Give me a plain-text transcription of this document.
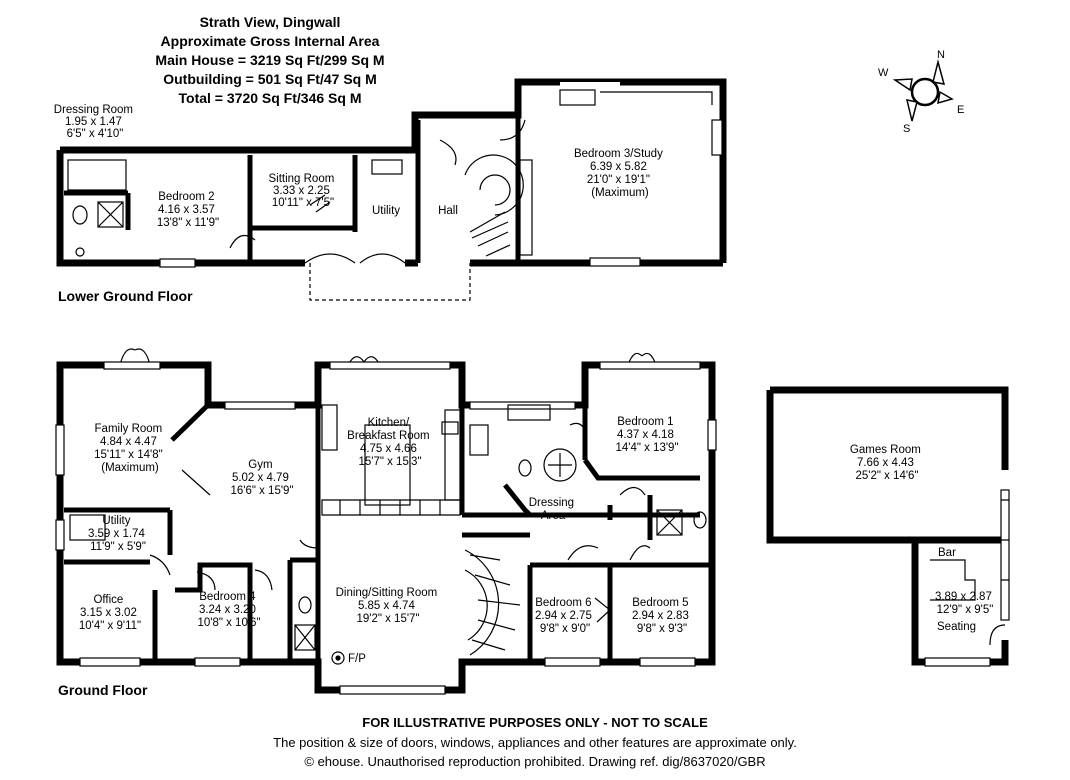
Strath View, Dingwall
Approximate Gross Internal Area
Main House = 3219 Sq Ft/299 Sq M
Outbuilding = 501 Sq Ft/47 Sq M
Total = 3720 Sq Ft/346 Sq M
N
E
S
W
Dressing Room 1.95 x 1.47 6'5" x 4'10"
Bedroom 2 4.16 x 3.57 13'8" x 11'9"
Sitting Room 3.33 x 2.25 10'11" x 7'5"
Utility	Hall
Bedroom 3/Study 6.39 x 5.82 21'0" x 19'1" (Maximum)
Family Room 4.84 x 4.47 15'11" x 14'8" (Maximum)	Gym 5.02 x 4.79 16'6" x 15'9"
Kitchen/ Breakfast Room 4.75 x 4.66 15'7" x 15'3"
Bedroom 1 4.37 x 4.18 14'4" x 13'9"
Dressing Area
Utility 3.59 x 1.74 11'9" x 5'9"
Office 3.15 x 3.02 10'4" x 9'11"
Bedroom 4 3.24 x 3.20 10'8" x 10'6"
Dining/Sitting Room 5.85 x 4.74 19'2" x 15'7"
F/P
Bedroom 6 2.94 x 2.75 9'8" x 9'0"
Bedroom 5 2.94 x 2.83 9'8" x 9'3"
Games Room 7.66 x 4.43 25'2" x 14'6"
Bar
3.89 x 2.87 12'9" x 9'5"
Seating
Lower Ground Floor
Ground Floor
FOR ILLUSTRATIVE PURPOSES ONLY - NOT TO SCALE
The position & size of doors, windows, appliances and other features are approximate only.
© ehouse. Unauthorised reproduction prohibited. Drawing ref. dig/8637020/GBR
